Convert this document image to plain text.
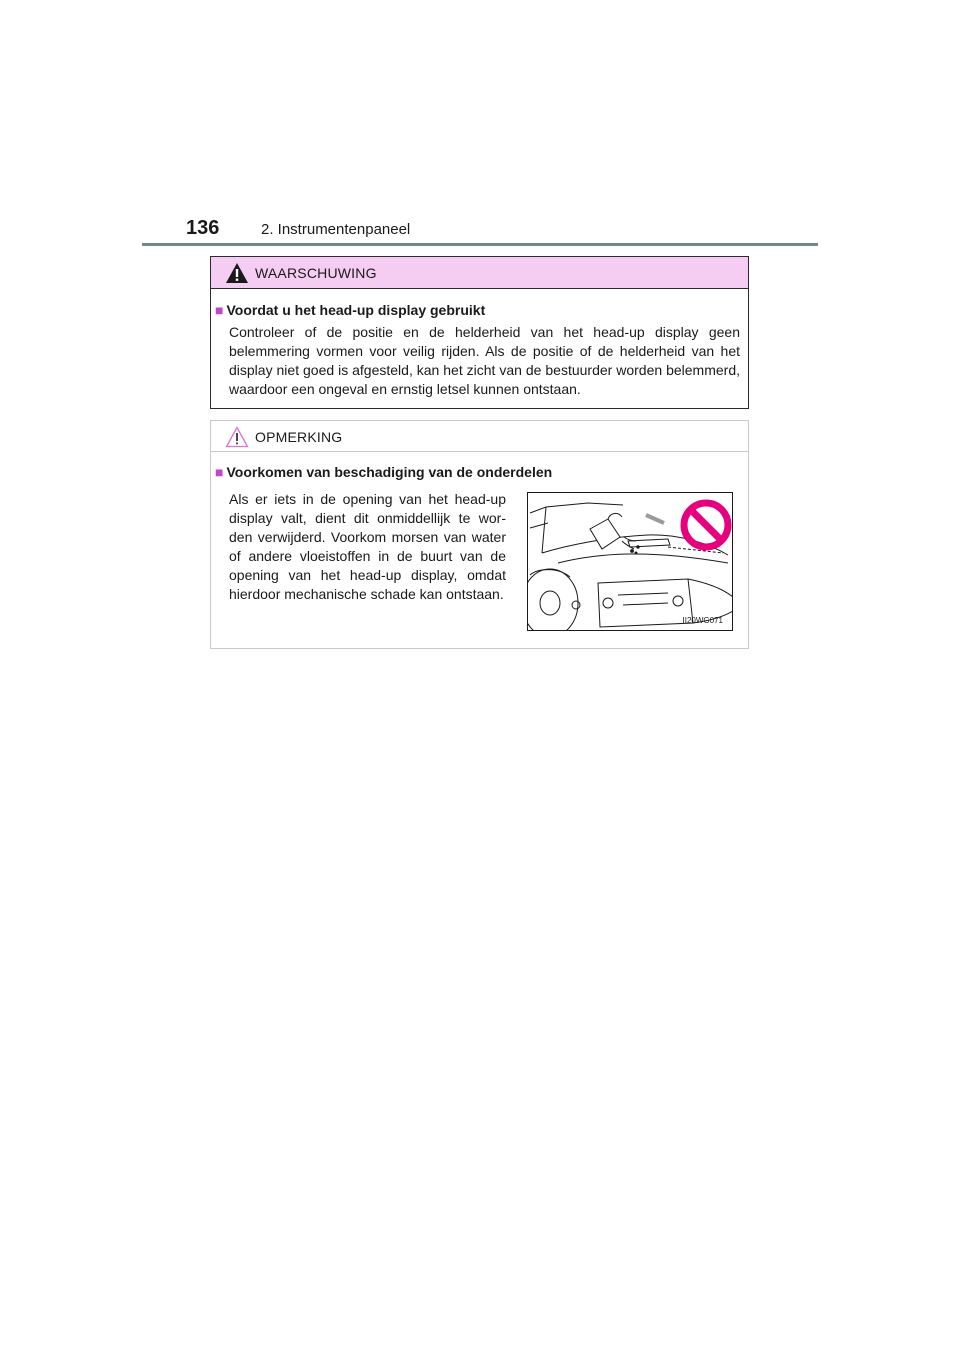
136	2. Instrumentenpaneel
WAARSCHUWING
■ Voordat u het head-up display gebruikt
Controleer of de positie en de helderheid van het head-up display geen belemmering vormen voor veilig rijden. Als de positie of de helderheid van het display niet goed is afgesteld, kan het zicht van de bestuurder worden belemmerd, waardoor een ongeval en ernstig letsel kunnen ontstaan.
OPMERKING
■ Voorkomen van beschadiging van de onderdelen
Als er iets in de opening van het head-up display valt, dient dit onmiddellijk te wor- den verwijderd. Voorkom morsen van water of andere vloeistoffen in de buurt van de opening van het head-up display, omdat hierdoor mechanische schade kan ontstaan.
II20WG071
